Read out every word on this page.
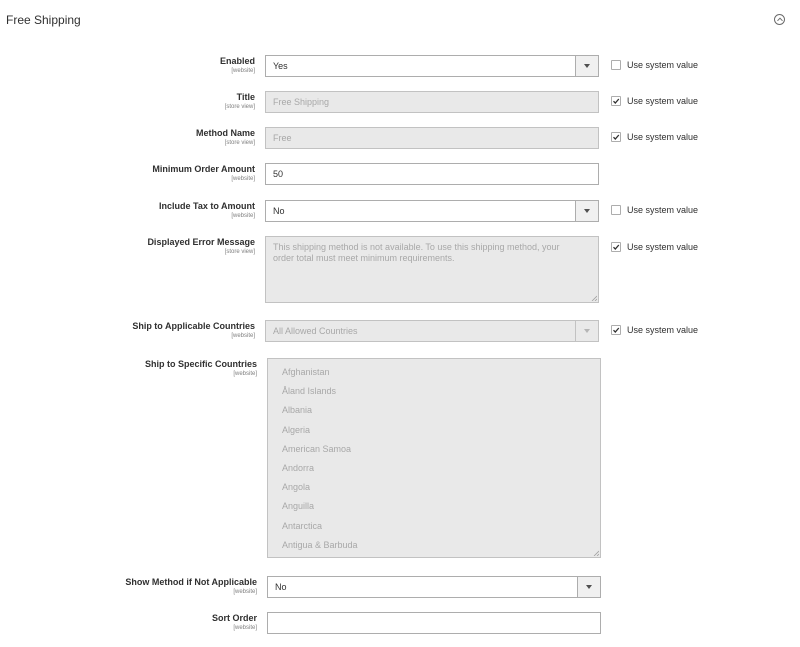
Free Shipping
Enabled
[website] Yes	Use system value
Title
[store view] Free Shipping	Use system value
Method Name
[store view] Free	Use system value
Minimum Order Amount
[website] 50
Include Tax to Amount
[website] No	Use system value
Displayed Error Message
[store view] This shipping method is not available. To use this shipping method, your
order total must meet minimum requirements.
Use system value
Ship to Applicable Countries
[website] All Allowed Countries	Use system value
Ship to Specific Countries
[website]	Afghanistan
Åland Islands
Albania
Algeria
American Samoa
Andorra
Angola
Anguilla
Antarctica
Antigua & Barbuda
Show Method if Not Applicable
[website] No
Sort Order
[website]
